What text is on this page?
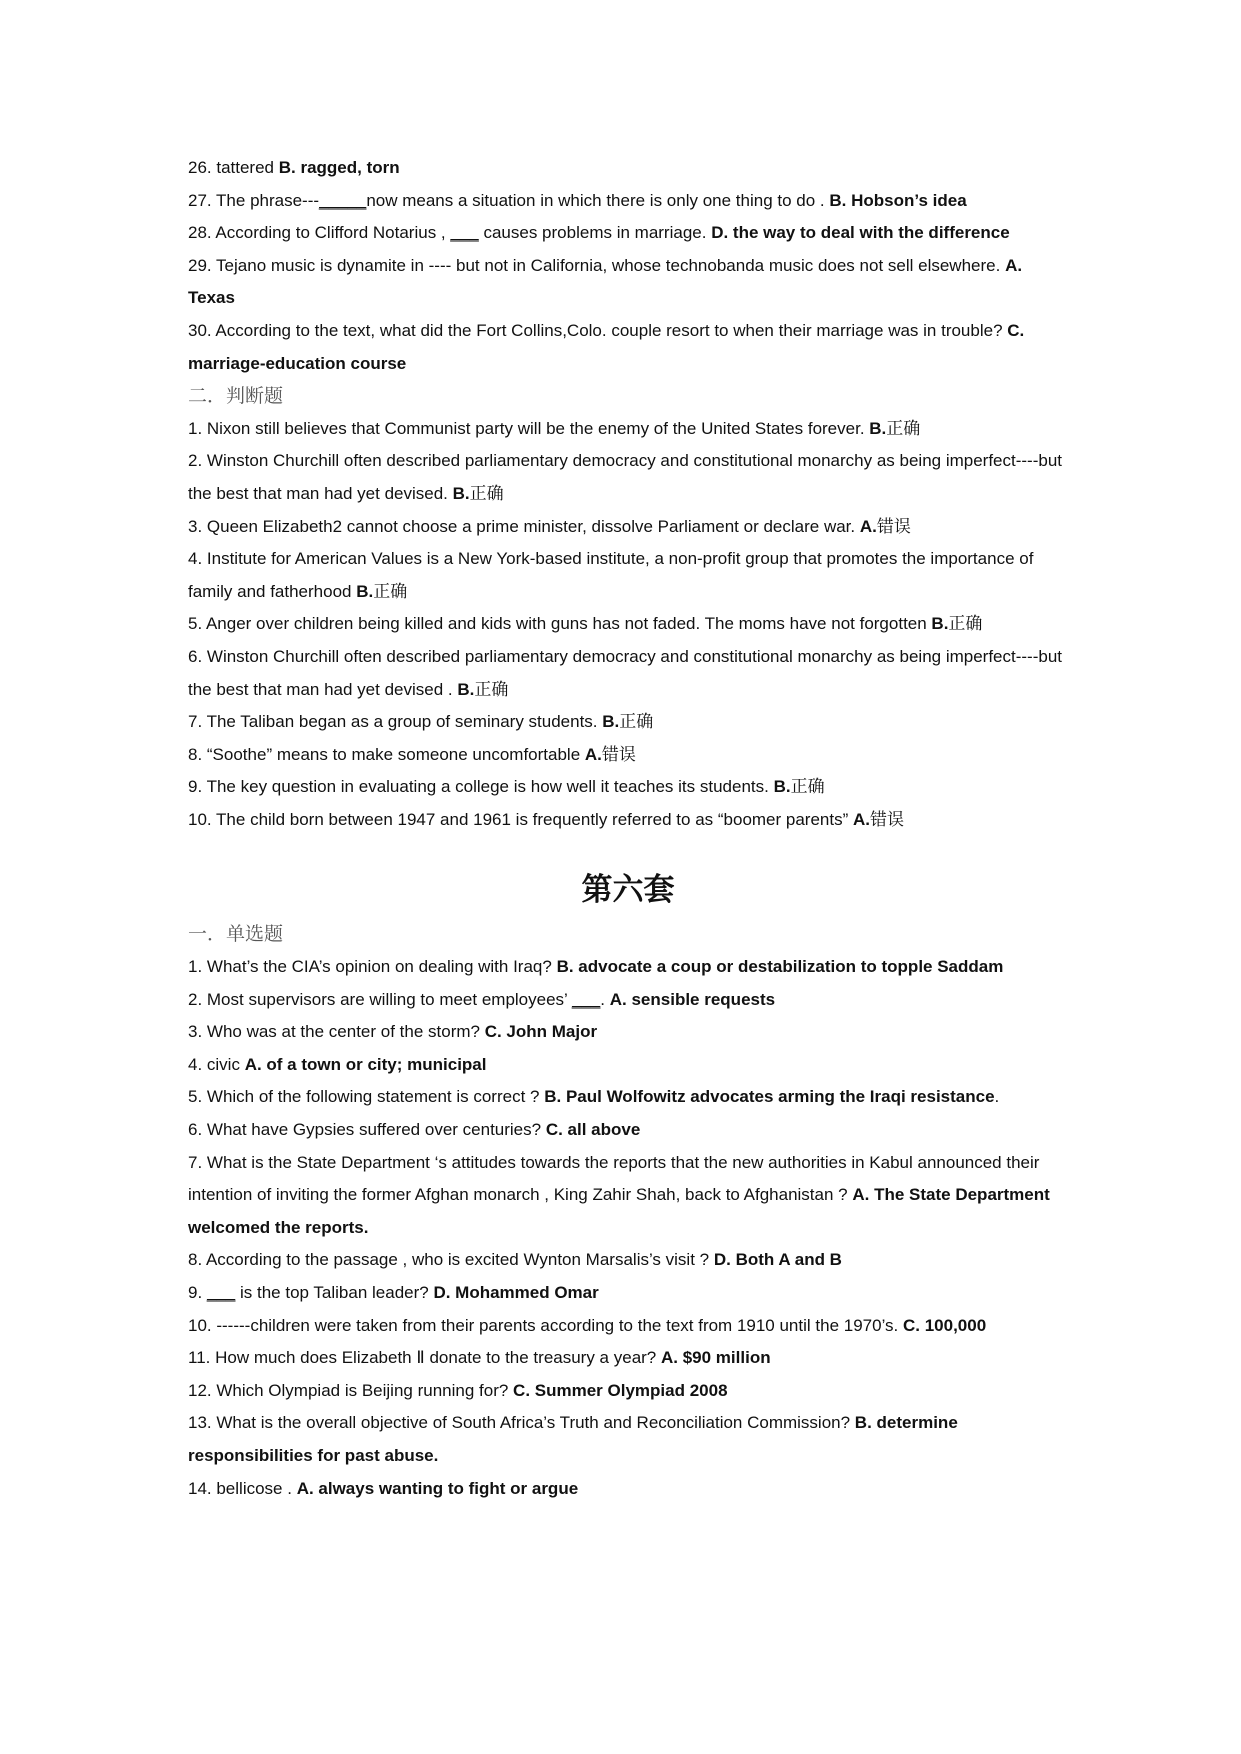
26. tattered B. ragged, torn

27. The phrase---_____now means a situation in which there is only one thing to do . B. Hobson’s idea

28. According to Clifford Notarius , ___ causes problems in marriage. D. the way to deal with the difference

29. Tejano music is dynamite in ---- but not in California, whose technobanda music does not sell elsewhere. A. Texas

30. According to the text, what did the Fort Collins,Colo. couple resort to when their marriage was in trouble? C. marriage-education course

二．判断题

1. Nixon still believes that Communist party will be the enemy of the United States forever. B.正确

2. Winston Churchill often described parliamentary democracy and constitutional monarchy as being imperfect----but the best that man had yet devised. B.正确

3. Queen Elizabeth2 cannot choose a prime minister, dissolve Parliament or declare war. A.错误

4. Institute for American Values is a New York-based institute, a non-profit group that promotes the importance of family and fatherhood B.正确

5. Anger over children being killed and kids with guns has not faded. The moms have not forgotten B.正确

6. Winston Churchill often described parliamentary democracy and constitutional monarchy as being imperfect----but the best that man had yet devised . B.正确

7. The Taliban began as a group of seminary students. B.正确

8. “Soothe” means to make someone uncomfortable A.错误

9. The key question in evaluating a college is how well it teaches its students. B.正确

10. The child born between 1947 and 1961 is frequently referred to as “boomer parents” A.错误

第六套

一．单选题

1. What’s the CIA’s opinion on dealing with Iraq? B. advocate a coup or destabilization to topple Saddam

2. Most supervisors are willing to meet employees’ ___. A. sensible requests

3. Who was at the center of the storm? C. John Major

4. civic A. of a town or city; municipal

5. Which of the following statement is correct ? B. Paul Wolfowitz advocates arming the Iraqi resistance.

6. What have Gypsies suffered over centuries? C. all above

7. What is the State Department ‘s attitudes towards the reports that the new authorities in Kabul announced their intention of inviting the former Afghan monarch , King Zahir Shah, back to Afghanistan ? A. The State Department welcomed the reports.

8. According to the passage , who is excited Wynton Marsalis’s visit ? D. Both A and B

9. ___ is the top Taliban leader? D. Mohammed Omar

10. ------children were taken from their parents according to the text from 1910 until the 1970’s. C. 100,000

11. How much does Elizabeth Ⅱ donate to the treasury a year? A. $90 million

12. Which Olympiad is Beijing running for? C. Summer Olympiad 2008

13. What is the overall objective of South Africa’s Truth and Reconciliation Commission? B. determine responsibilities for past abuse.

14. bellicose . A. always wanting to fight or argue
